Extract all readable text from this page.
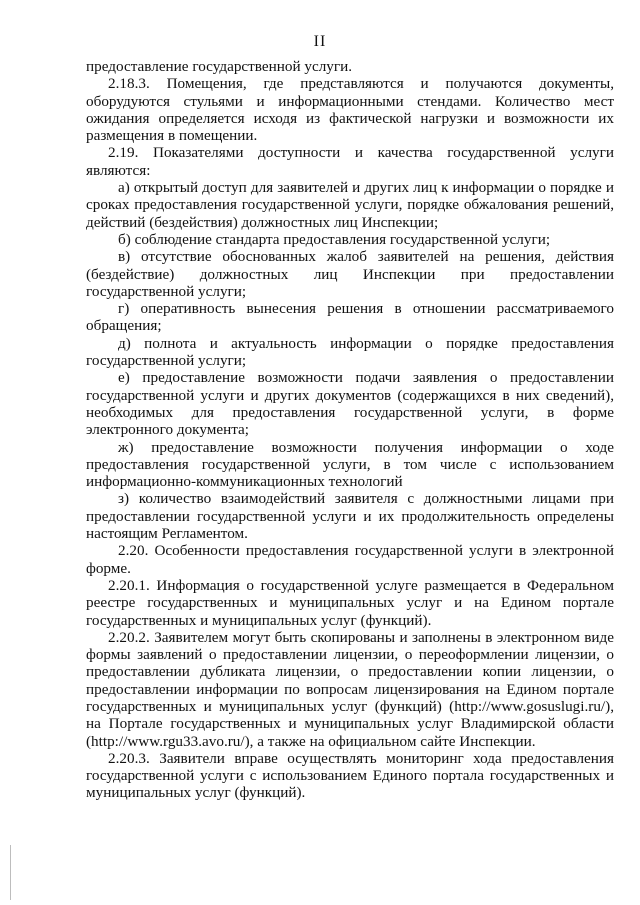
II

предоставление государственной услуги.

2.18.3. Помещения, где представляются и получаются документы, оборудуются стульями и информационными стендами. Количество мест ожидания определяется исходя из фактической нагрузки и возможности их размещения в помещении.

2.19. Показателями доступности и качества государственной услуги являются:

а) открытый доступ для заявителей и других лиц к информации о порядке и сроках предоставления государственной услуги, порядке обжалования решений, действий (бездействия) должностных лиц Инспекции;

б) соблюдение стандарта предоставления государственной услуги;

в) отсутствие обоснованных жалоб заявителей на решения, действия (бездействие) должностных лиц Инспекции при предоставлении государственной услуги;

г) оперативность вынесения решения в отношении рассматриваемого обращения;

д) полнота и актуальность информации о порядке предоставления государственной услуги;

е) предоставление возможности подачи заявления о предоставлении государственной услуги и других документов (содержащихся в них сведений), необходимых для предоставления государственной услуги, в форме электронного документа;

ж) предоставление возможности получения информации о ходе предоставления государственной услуги, в том числе с использованием информационно-коммуникационных технологий

з) количество взаимодействий заявителя с должностными лицами при предоставлении государственной услуги и их продолжительность определены настоящим Регламентом.

2.20. Особенности предоставления государственной услуги в электронной форме.

2.20.1. Информация о государственной услуге размещается в Федеральном реестре государственных и муниципальных услуг и на Едином портале государственных и муниципальных услуг (функций).

2.20.2. Заявителем могут быть скопированы и заполнены в электронном виде формы заявлений о предоставлении лицензии, о переоформлении лицензии, о предоставлении дубликата лицензии, о предоставлении копии лицензии, о предоставлении информации по вопросам лицензирования на Едином портале государственных и муниципальных услуг (функций) (http://www.gosuslugi.ru/), на Портале государственных и муниципальных услуг Владимирской области (http://www.rgu33.avo.ru/), а также на официальном сайте Инспекции.

2.20.3. Заявители вправе осуществлять мониторинг хода предоставления государственной услуги с использованием Единого портала государственных и муниципальных услуг (функций).
